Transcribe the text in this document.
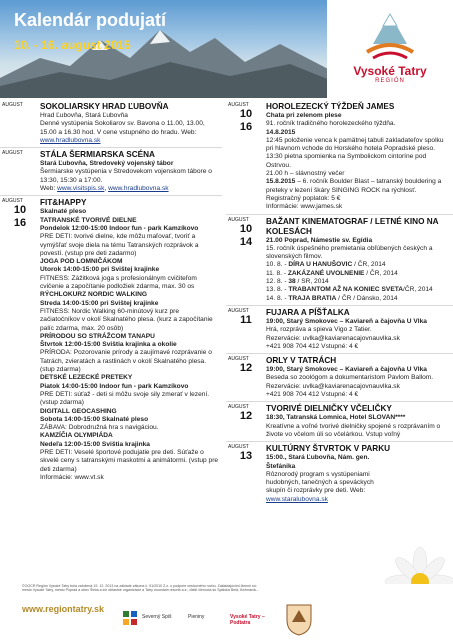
Kalendár podujatí
10. - 16. august 2015
Vysoké Tatry
REGIÓN
AUGUST	SOKOLIARSKY HRAD ĽUBOVŇA
Hrad Ľubovňa, Stará Ľubovňa
Denné vystúpenia Sokoliarov sv. Bavona o 11.00, 13.00, 15.00 a 16.30 hod. V cene vstupného do hradu. Web: www.hradlubovna.sk
AUGUST	STÁLA ŠERMIARSKA SCÉNA
Stará Ľubovňa, Stredoveký vojenský tábor
Šermiarske vystúpenia v Stredovekom vojenskom tábore o 13:30, 15:30 a 17:00.
Web: www.visitspis.sk, www.hradlubovna.sk
AUGUST
10
16
FIT&HAPPY
Skalnaté pleso
TATRANSKÉ TVORIVÉ DIELNE
Pondelok 12:00-15:00 Indoor fun - park Kamzíkovo
PRE DETI: tvorivé dielne, kde môžu maľovať, tvoriť a vymýšľať svoje diela na tému Tatranských rozprávok a povestí. (vstup pre deti zadarmo)
JOGA POD LOMNIČÁKOM
Utorok 14:00-15:00 pri Svištej krajinke
FITNESS: Zážitková joga s profesionálnym cvičiteľom cvičenie a započítanie podložiek zdarma, max. 30 os
RÝCHLOKURZ NORDIC WALKING
Streda 14:00-15:00 pri Svištej krajinke
FITNESS: Nordic Walking 60-minútový kurz pre začiatočníkov v okolí Skalnatého plesa. (kurz a započítanie palíc zdarma, max. 20 osôb)
PRÍRODOU SO STRÁŽCOM TANAPU
Štvrtok 12:00-15:00 Svištia krajinka a okolie
PRÍRODA: Pozorovanie prírody a zaujímavé rozprávanie o Tatrách, zvieratách a rastlinách v okolí Skalnatého plesa. (stup zdarma)
DETSKÉ LEZECKÉ PRETEKY
Piatok 14:00-15:00 Indoor fun - park Kamzíkovo
PRE DETI: súťaž - deti si môžu svoje sily zmerať v lezení. (vstup zdarma)
DIGITALL GEOCASHING
Sobota 14:00-15:00 Skalnaté pleso
ZÁBAVA: Dobrodružná hra s navigáciou.
KAMZÍČIA OLYMPIÁDA
Nedeľa 12:00-15:00 Svištia krajinka
PRE DETI: Veselé športové podujatie pre deti. Súťaže o skvelé ceny s tatranskými maskotmi a animátormi. (vstup pre deti zdarma)
Informácie: www.vt.sk
AUGUST
10
16
HOROLEZECKÝ TÝŽDEŇ JAMES
Chata pri zelenom plese
91. ročník tradičného horolezeckého týždňa.
14.8.2015
12:45 položenie venca k pamätnej tabuli zakladateľov spolku pri hlavnom vchode do Horského hotela Popradské pleso.
13:30 pietna spomienka na Symbolickom cintoríne pod Ostrvou.
21.00 h – slávnostný večer
15.8.2015 – 6. ročník Boulder Blast – tatranský bouldering a preteky v lezení škáry SINGING ROCK na rýchlosť. Registračný poplatok: 5 €
Informácie: www.james.sk
AUGUST
10
14
BAŽANT KINEMATOGRAF / LETNÉ KINO NA KOLESÁCH
21.00 Poprad, Námestie sv. Egídia
15. ročník úspešného premietania obľúbených českých a slovenských filmov.
10. 8. - DÍRA U HANUŠOVIC / ČR, 2014
11. 8. - ZAKÁZANÉ UVOLNENIE / ČR, 2014
12. 8. - 38 / SR, 2014
13. 8. - TRABANTOM AŽ NA KONIEC SVETA/ČR, 2014
14. 8. - TRAJA BRATIA / ČR / Dánsko, 2014
AUGUST
11
FUJARA A PÍŠŤALKA
19:00, Starý Smokovec – Kaviareň a čajovňa U Vlka
Hrá, rozpráva a spieva Vigo z Tatier.
Rezervácie: uvlka@kaviarenacajovnauvlka.sk
+421 908 704 412 Vstupné: 4 €
AUGUST
12
ORLY V TATRÁCH
19:00, Starý Smokovec – Kaviareň a čajovňa U Vlka
Beseda so zoológom a dokumentaristom Pavlom Ballom.
Rezervácie: uvlka@kaviarenacajovnauvlka.sk
+421 908 704 412 Vstupné: 4 €
AUGUST
12
TVORIVÉ DIELNIČKY VČELIČKY
18:30, Tatranská Lomnica, Hotel SLOVAN****
Kreatívne a voľné tvorivé dielničky spojené s rozprávaním o živote vo včelom úli so včelárkou. Vstup voľný
AUGUST
13
KULTÚRNY ŠTVRTOK V PARKU
15:00., Stará Ľubovňa, Nám. gen. Štefánika
Rôznorodý program s vystúpeniami hudobných, tanečných a speváckych skupín či rozprávky pre deti. Web: www.staralubovna.sk
©OOCR Región Vysoké Tatry bola založená 19. 12. 2013 na základe zákona č. 91/2010 Z.z. o podpore cestovného ruchu. Zakladajúcimi členmi sú: mesto Vysoké Tatry, mesto Poprad a obec Štrba a ich oblastné organizácie a Tatry mountain resorts a.s.; ďalší členovia sú Spišská Belá, Kežmarok...
www.regiontatry.sk
Severný Spiš	Pieniny	Vysoké Tatry – Podtatra
